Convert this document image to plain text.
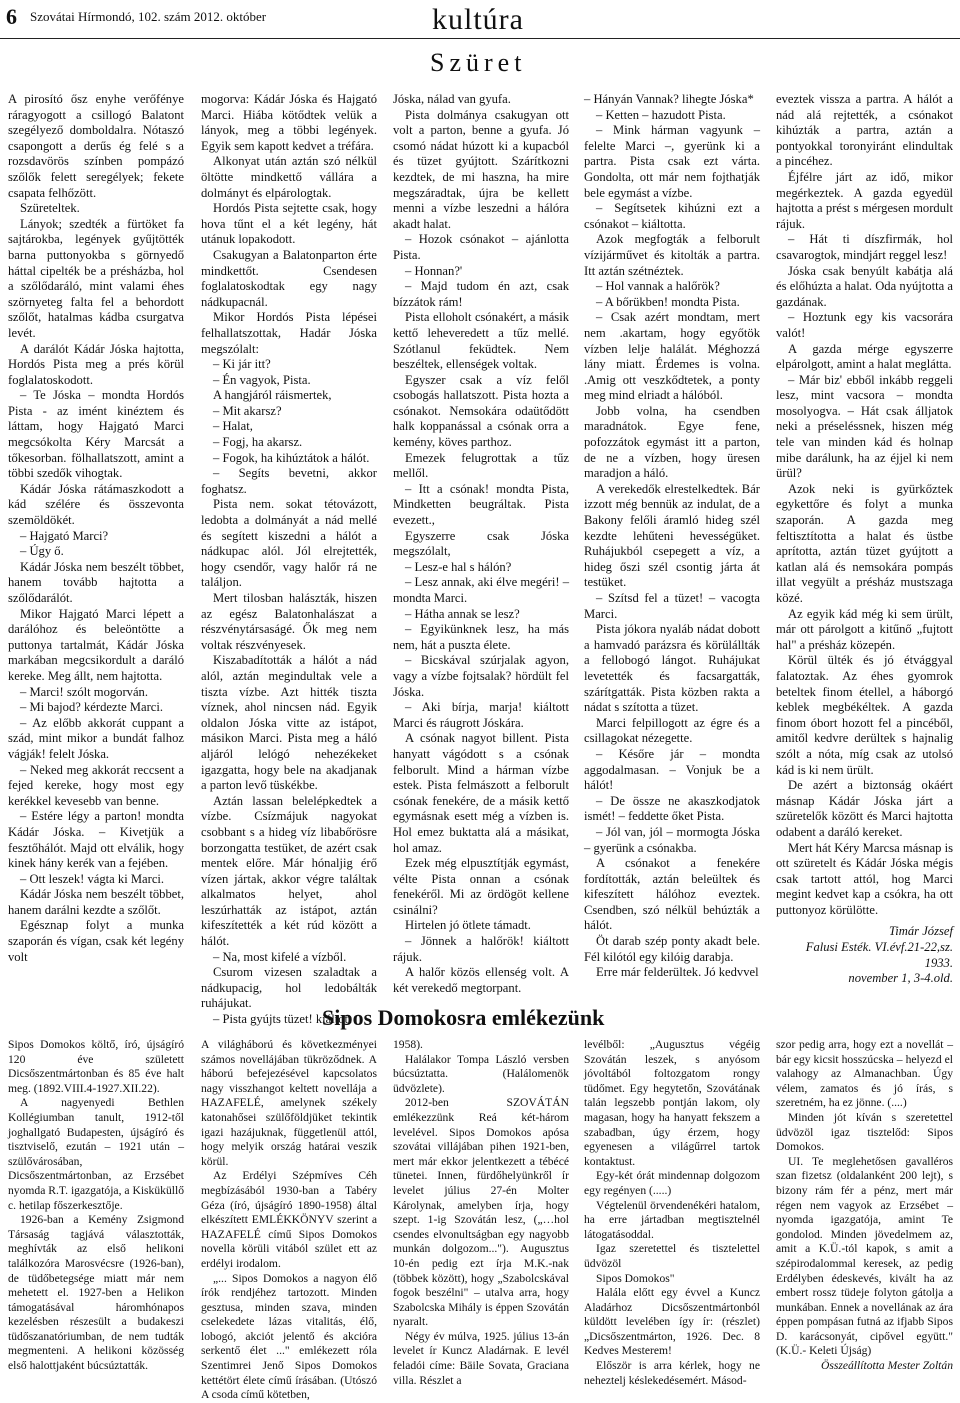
6 Szovátai Hírmondó, 102. szám 2012. október	kultúra
Szüret

A pirosító ősz enyhe verőfénye ráragyogott a csillogó Balatont szegélyező domboldalra. Nótaszó csapongott a derűs ég felé s a rozsdavörös színben pompázó szőlők felett seregélyek; fekete csapata felhőzött.

Szüreteltek.

Lányok; szedték a fürtöket fa sajtárokba, legények gyűjtötték barna puttonyokba s görnyedő háttal cipelték be a présházba, hol a szőlődaráló, mint valami éhes szörnyeteg falta fel a behordott szőlőt, hatalmas kádba csurgatva levét.

A darálót Kádár Jóska hajtotta, Hordós Pista meg a prés körül foglalatoskodott.

– Te Jóska – mondta Hordós Pista - az imént kinéztem és láttam, hogy Hajgató Marci megcsókolta Kéry Marcsát a tőkesorban. fölhallatszott, amint a többi szedők vihogtak.

Kádár Jóska rátámaszkodott a kád szélére és összevonta szemöldökét.

– Hajgató Marci?

– Úgy ő.

Kádár Jóska nem beszélt többet, hanem tovább hajtotta a szőlődarálót.

Mikor Hajgató Marci lépett a darálóhoz és beleöntötte a puttonya tartalmát, Kádár Jóska markában megcsikordult a daráló kereke. Meg állt, nem hajtotta.

– Marci! szólt mogorván.

– Mi bajod? kérdezte Marci.

– Az előbb akkorát cuppant a szád, mint mikor a bundát falhoz vágják! felelt Jóska.

– Neked meg akkorát reccsent a fejed kereke, hogy most egy kerékkel kevesebb van benne.

– Estére légy a parton! mondta Kádár Jóska. – Kivetjük a fesztőhálót. Majd ott elválik, hogy kinek hány kerék van a fejében.

– Ott leszek! vágta ki Marci.

Kádár Jóska nem beszélt többet, hanem darálni kezdte a szőlőt.

Egésznap folyt a munka szaporán és vígan, csak két legény volt

mogorva: Kádár Jóska és Hajgató Marci. Hiába kötődtek velük a lányok, meg a többi legények. Egyik sem kapott kedvet a tréfára.

Alkonyat után aztán szó nélkül öltötte mindkettő vállára a dolmányt és elpárologtak.

Hordós Pista sejtette csak, hogy hova tűnt el a két legény, hát utánuk lopakodott.

Csakugyan a Balatonparton érte mindkettőt. Csendesen foglalatoskodtak egy nagy nádkupacnál.

Mikor Hordós Pista lépései felhallatszottak, Hadár Jóska megszólalt:

– Ki jár itt?

– Én vagyok, Pista.

A hangjáról ráismertek,

– Mit akarsz?

– Halat,

– Fogj, ha akarsz.

– Fogok, ha kihúztátok a hálót.

– Segíts bevetni, akkor foghatsz.

Pista nem. sokat tétovázott, ledobta a dolmányát a nád mellé és segített kiszedni a hálót a nádkupac alól. Jól elrejtették, hogy csendőr, vagy halőr rá ne találjon.

Mert tilosban halászták, hiszen az egész Balatonhalászat a részvénytársaságé. Ők meg nem voltak részvényesek.

Kiszabadították a hálót a nád alól, aztán megindultak vele a tiszta vízbe. Azt hitték tiszta víznek, ahol nincsen nád. Egyik oldalon Jóska vitte az istápot, másikon Marci. Pista meg a háló aljáról lelógó nehezékeket igazgatta, hogy bele na akadjanak a parton levő tüskékbe.

Aztán lassan belelépkedtek a vízbe. Csízmájuk nagyokat csobbant s a hideg víz libabőrösre borzongatta testüket, de azért csak mentek előre. Már hónaljig érő vízen jártak, akkor végre találtak alkalmatos helyet, ahol leszúrhatták az istápot, aztán kifeszítették a két rúd között a hálót.

– Na, most kifelé a vízből.

Csurom vizesen szaladtak a nádkupacig, hol ledobálták ruhájukat.

– Pista gyújts tüzet! kiáltott

Jóska, nálad van gyufa.

Pista dolmánya csakugyan ott volt a parton, benne a gyufa. Jó csomó nádat húzott ki a kupacból és tüzet gyújtott. Szárítkozni kezdtek, de mi haszna, ha mire megszáradtak, újra be kellett menni a vízbe leszedni a hálóra akadt halat.

– Hozok csónakot – ajánlotta Pista.

– Honnan?'

– Majd tudom én azt, csak bízzátok rám!

Pista elloholt csónakért, a másik kettő leheveredett a tűz mellé. Szótlanul feküdtek. Nem beszéltek, ellenségek voltak.

Egyszer csak a víz felől csobogás hallatszott. Pista hozta a csónakot. Nemsokára odaütődött halk koppanással a csónak orra a kemény, köves parthoz.

Emezek felugrottak a tűz mellől.

– Itt a csónak! mondta Pista, Mindketten beugráltak. Pista evezett.,

Egyszerre csak Jóska megszólalt,

– Lesz-e hal s hálón?

– Lesz annak, aki élve megéri! – mondta Marci.

– Hátha annak se lesz?

– Egyikünknek lesz, ha más nem, hát a puszta élete.

– Bicskával szúrjalak agyon, vagy a vízbe fojtsalak? hördült fel Jóska.

– Aki bírja, marja! kiáltott Marci és ráugrott Jóskára.

A csónak nagyot billent. Pista hanyatt vágódott s a csónak felborult. Mind a hárman vízbe estek. Pista felmászott a felborult csónak fenekére, de a másik kettő egymásnak esett még a vízben is. Hol emez buktatta alá a másikat, hol amaz.

Ezek még elpusztítják egymást, vélte Pista onnan a csónak fenekéről. Mi az ördögöt kellene csinálni?

Hirtelen jó ötlete támadt.

– Jönnek a halőrök! kiáltott rájuk.

A halőr közös ellenség volt. A két verekedő megtorpant.

– Hányán Vannak? lihegte Jóska*

– Ketten – hazudott Pista.

– Mink hárman vagyunk – felelte Marci –, gyerünk ki a partra. Pista csak ezt várta. Gondolta, ott már nem fojthatják bele egymást a vízbe.

– Segítsetek kihúzni ezt a csónakot – kiáltotta.

Azok megfogták a felborult vízijárművet és kitolták a partra. Itt aztán szétnéztek.

– Hol vannak a halőrök?

– A bőrükben! mondta Pista.

– Csak azért mondtam, mert nem .akartam, hogy egyőtök vízben lelje halálát. Méghozzá lány miatt. Érdemes is volna. .Amig ott veszkődtetek, a ponty meg mind elriadt a hálóból.

Jobb volna, ha csendben maradnátok. Egye fene, pofozzátok egymást itt a parton, de ne a vízben, hogy üresen maradjon a háló.

A verekedők elrestelkedtek. Bár izzott még bennük az indulat, de a Bakony felőli áramló hideg szél kezdte lehűteni hevességüket. Ruhájukból csepegett a víz, a hideg őszi szél csontig járta át testüket.

– Szítsd fel a tüzet! – vacogta Marci.

Pista jókora nyaláb nádat dobott a hamvadó parázsra és körülállták a fellobogó lángot. Ruhájukat levetették és facsargatták, szárítgatták. Pista közben rakta a nádat s szította a tüzet.

Marci felpillogott az égre és a csillagokat nézegette.

– Későre jár – mondta aggodalmasan. – Vonjuk be a hálót!

– De össze ne akaszkodjatok ismét! – feddette őket Pista.

– Jól van, jól – mormogta Jóska – gyerünk a csónakba.

A csónakot a fenekére fordították, aztán beleültek és kifeszített hálóhoz eveztek. Csendben, szó nélkül behúzták a hálót.

Öt darab szép ponty akadt bele. Fél kilótól egy kilóig darabja.

Erre már felderültek. Jó kedvvel

eveztek vissza a partra. A hálót a nád alá rejtették, a csónakot kihúzták a partra, aztán a pontyokkal toronyiránt elindultak a pincéhez.

Éjfélre járt az idő, mikor megérkeztek. A gazda egyedül hajtotta a prést s mérgesen mordult rájuk.

– Hát ti díszfirmák, hol csavarogtok, mindjárt reggel lesz!

Jóska csak benyúlt kabátja alá és előhúzta a halat. Oda nyújtotta a gazdának.

– Hoztunk egy kis vacsorára valót!

A gazda mérge egyszerre elpárolgott, amint a halat meglátta.

– Már biz' ebből inkább reggeli lesz, mint vacsora – mondta mosolyogva. – Hát csak álljatok neki a préseléssnek, hiszen még tele van minden kád és holnap mibe darálunk, ha az éjjel ki nem ürül?

Azok neki is gyürkőztek egykettőre és folyt a munka szaporán. A gazda meg feltisztította a halat és üstbe aprította, aztán tüzet gyújtott a katlan alá és nemsokára pompás illat vegyült a présház mustszaga közé.

Az egyik kád még ki sem ürült, már ott párolgott a kitűnő „fujtott hal" a présház közepén.

Körül ülték és jó étvággyal falatoztak. Az éhes gyomrok beteltek finom étellel, a háborgó keblek megbékéltek. A gazda finom óbort hozott fel a pincéből, amitől kedvre derültek s hajnalig szólt a nóta, míg csak az utolsó kád is ki nem ürült.

De azért a biztonság okáért másnap Kádár Jóska járt a szüretelők között és Marci hajtotta odabent a daráló kereket.

Mert hát Kéry Marcsa másnap is ott szüretelt és Kádár Jóska mégis csak tartott attól, hog Marci megint kedvet kap a csókra, ha ott puttonyoz körülötte.

Timár József

Falusi Esték. VI.évf.21-22,sz. 1933.

november 1, 3-4.old.

Sipos Domokosra emlékezünk

Sipos Domokos költő, író, újságíró 120 éve született Dicsőszentmártonban és 85 éve halt meg. (1892.VIII.4-1927.XII.22).

A nagyenyedi Bethlen Kollégiumban tanult, 1912-től joghallgató Budapesten, újságíró és tisztviselő, ezután – 1921 után – szülővárosában, Dicsőszentmártonban, az Erzsébet nyomda R.T. igazgatója, a Kisküküllő c. hetilap főszerkesztője.

1926-ban a Kemény Zsigmond Társaság tagjává választották, meghívták az első helikoni találkozóra Marosvécsre (1926-ban), de tüdőbetegsége miatt már nem mehetett el. 1927-ben a Helikon támogatásával háromhónapos kezelésben részesült a budakeszi tüdőszanatóriumban, de nem tudták megmenteni. A helikoni közösség első halottjaként búcsúztatták.

A világháború és következményei számos novellájában tükröződnek. A háború befejezésével kapcsolatos nagy visszhangot keltett novellája a HAZAFELÉ, amelynek székely katonahősei szülőföldjüket tekintik igazi hazájuknak, függetlenül attól, hogy melyik ország határai veszik körül.

Az Erdélyi Szépmíves Céh megbízásából 1930-ban a Tabéry Géza (író, újságíró 1890-1958) által elkészített EMLÉKKÖNYV szerint a HAZAFELÉ című Sipos Domokos novella körüli vitából szület ett az erdélyi irodalom.

„... Sipos Domokos a nagyon élő írók rendjéhez tartozott. Minden gesztusa, minden szava, minden cselekedete lázas vitalitás, élő, lobogó, akciót jelentő és akcióra serkentő élet ..." emlékezett róla Szentimrei Jenő Sipos Domokos kettétört élete című írásában. (Utószó A csoda című kötetben,

1958).

Halálakor Tompa László versben búcsúztatta. (Halálomenök üdvözlete).

2012-ben SZOVÁTÁN emlékezzünk Reá két-három levelével. Sipos Domokos apósa szovátai villájában pihen 1921-ben, mert már ekkor jelentkezett a tébécé tünetei. Innen, fürdőhelyünkről ír levelet július 27-én Molter Károlynak, amelyben írja, hogy szept. 1-ig Szovátán lesz, („…hol csendes elvonultságban egy nagyobb munkán dolgozom..."). Augusztus 10-én pedig ezt írja M.K.-nak (többek között), hogy „Szabolcskával fogok beszélni" – utalva arra, hogy Szabolcska Mihály is éppen Szovátán nyaralt.

Négy év múlva, 1925. július 13-án levelet ír Kuncz Aladárnak. E levél feladói címe: Bäile Sovata, Graciana villa. Részlet a

levélből: „Augusztus végéig Szovátán leszek, s anyósom jóvoltából foltozgatom rongy tüdőmet. Egy hegytetőn, Szovátának talán legszebb pontján lakom, oly magasan, hogy ha hanyatt fekszem a szabadban, úgy érzem, hogy egyenesen a világűrrel tartok kontaktust.

Egy-két órát mindennap dolgozom egy regényen (.....)

Végtelenül örvendenékéri hatalom, ha erre jártadban megtisztelnél látogatásoddal.

Igaz szeretettel és tisztelettel üdvözöl

Sipos Domokos"

Halála előtt egy évvel a Kuncz Aladárhoz Dicsőszentmártonból küldött levelében így ír: (részlet) „Dicsőszentmárton, 1926. Dec. 8 Kedves Mesterem!

Először is arra kérlek, hogy ne neheztelj késlekedésemért. Másod-

szor pedig arra, hogy ezt a novellát – bár egy kicsit hosszúcska – helyezd el valahogy az Almanachban. Úgy vélem, zamatos és jó írás, s szeretném, ha ez jönne. (....)

Minden jót kíván s szeretettel üdvözöl igaz tisztelőd: Sipos Domokos.

UI. Te meglehetősen gavalléros szan fizetsz (oldalanként 200 lejt), s bizony rám fér a pénz, mert már régen nem vagyok az Erzsébet – nyomda igazgatója, amint Te gondolod. Minden jövedelmem az, amit a K.Ü.-tól kapok, s amit a szépirodalommal keresek, az pedig Erdélyben édeskevés, kivált ha az embert rossz tüdeje folyton gátolja a munkában. Ennek a novellának az ára éppen pompásan futná az ifjabb Sipos D. karácsonyát, cipővel együtt." (K.Ü.- Keleti Újság)

Összeállította Mester Zoltán
